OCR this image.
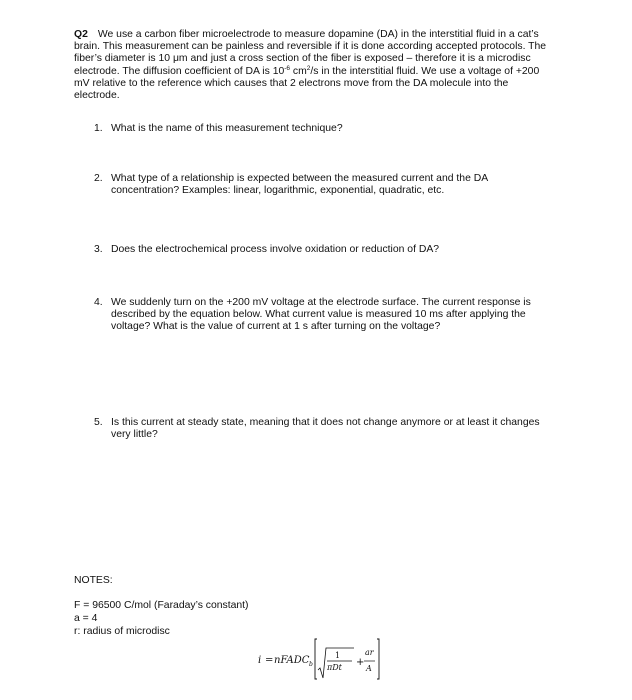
Q2 We use a carbon fiber microelectrode to measure dopamine (DA) in the interstitial fluid in a cat’s brain. This measurement can be painless and reversible if it is done according accepted protocols. The fiber’s diameter is 10 μm and just a cross section of the fiber is exposed – therefore it is a microdisc electrode. The diffusion coefficient of DA is $10^{-6}$ $cm^2/s$ in the interstitial fluid. We use a voltage of +200 mV relative to the reference which causes that 2 electrons move from the DA molecule into the electrode.

1. What is the name of this measurement technique?
2. What type of a relationship is expected between the measured current and the DA concentration? Examples: linear, logarithmic, exponential, quadratic, etc.
3. Does the electrochemical process involve oxidation or reduction of DA?
4. We suddenly turn on the +200 mV voltage at the electrode surface. The current response is described by the equation below. What current value is measured 10 ms after applying the voltage? What is the value of current at 1 s after turning on the voltage?
5. Is this current at steady state, meaning that it does not change anymore or at least it changes very little?

NOTES:

F = 96500 C/mol (Faraday’s constant)

a = 4

r: radius of microdisc

i = nFADC b
1
πDt +
ar
A
